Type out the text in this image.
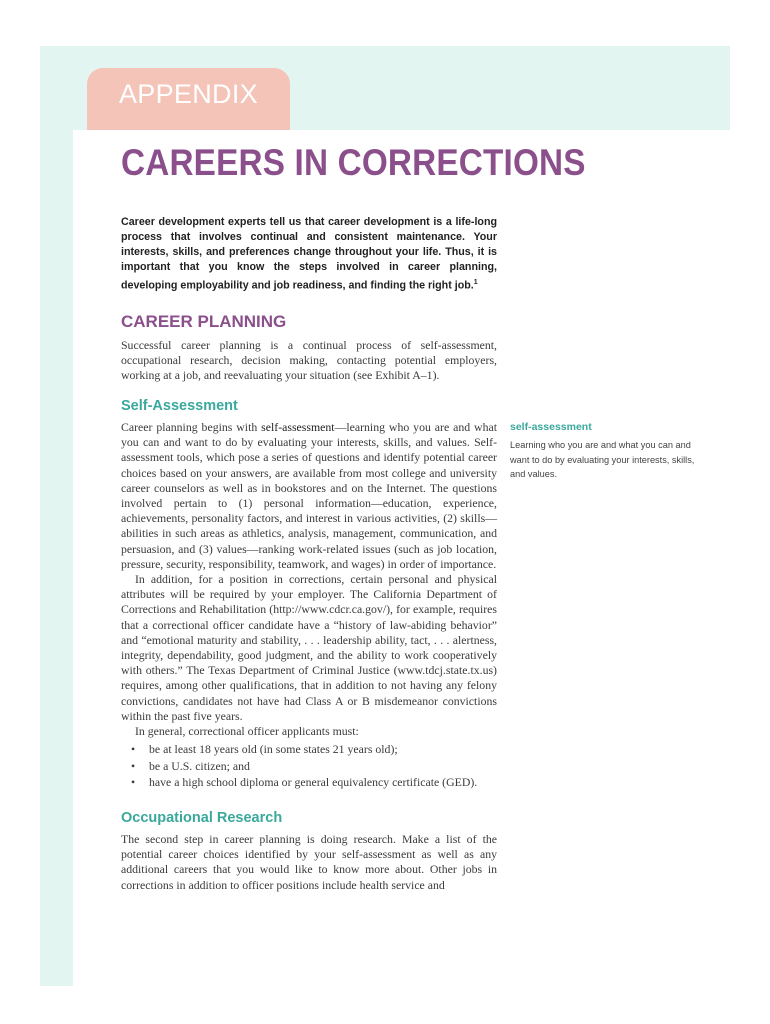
APPENDIX
CAREERS IN CORRECTIONS

Career development experts tell us that career development is a life-long process that involves continual and consistent maintenance. Your interests, skills, and preferences change throughout your life. Thus, it is important that you know the steps involved in career planning, developing employability and job readiness, and finding the right job.$^1$

CAREER PLANNING

Successful career planning is a continual process of self-assessment, occupational research, decision making, contacting potential employers, working at a job, and reevaluating your situation (see Exhibit A–1).

Self-Assessment

Career planning begins with self-assessment—learning who you are and what you can and want to do by evaluating your interests, skills, and values. Self-assessment tools, which pose a series of questions and identify potential career choices based on your answers, are available from most college and university career counselors as well as in bookstores and on the Internet. The questions involved pertain to (1) personal information—education, experience, achievements, personality factors, and interest in various activities, (2) skills—abilities in such areas as athletics, analysis, management, communication, and persuasion, and (3) values—ranking work-related issues (such as job location, pressure, security, responsibility, teamwork, and wages) in order of importance.

In addition, for a position in corrections, certain personal and physical attributes will be required by your employer. The California Department of Corrections and Rehabilitation (http://www.cdcr.ca.gov/), for example, requires that a correctional officer candidate have a “history of law-abiding behavior” and “emotional maturity and stability, . . . leadership ability, tact, . . . alertness, integrity, dependability, good judgment, and the ability to work cooperatively with others.” The Texas Department of Criminal Justice (www.tdcj.state.tx.us) requires, among other qualifications, that in addition to not having any felony convictions, candidates not have had Class A or B misdemeanor convictions within the past five years.

In general, correctional officer applicants must:

• be at least 18 years old (in some states 21 years old);
• be a U.S. citizen; and
• have a high school diploma or general equivalency certificate (GED).

self-assessment

Learning who you are and what you can and want to do by evaluating your interests, skills, and values.

Occupational Research

The second step in career planning is doing research. Make a list of the potential career choices identified by your self-assessment as well as any additional careers that you would like to know more about. Other jobs in corrections in addition to officer positions include health service and
